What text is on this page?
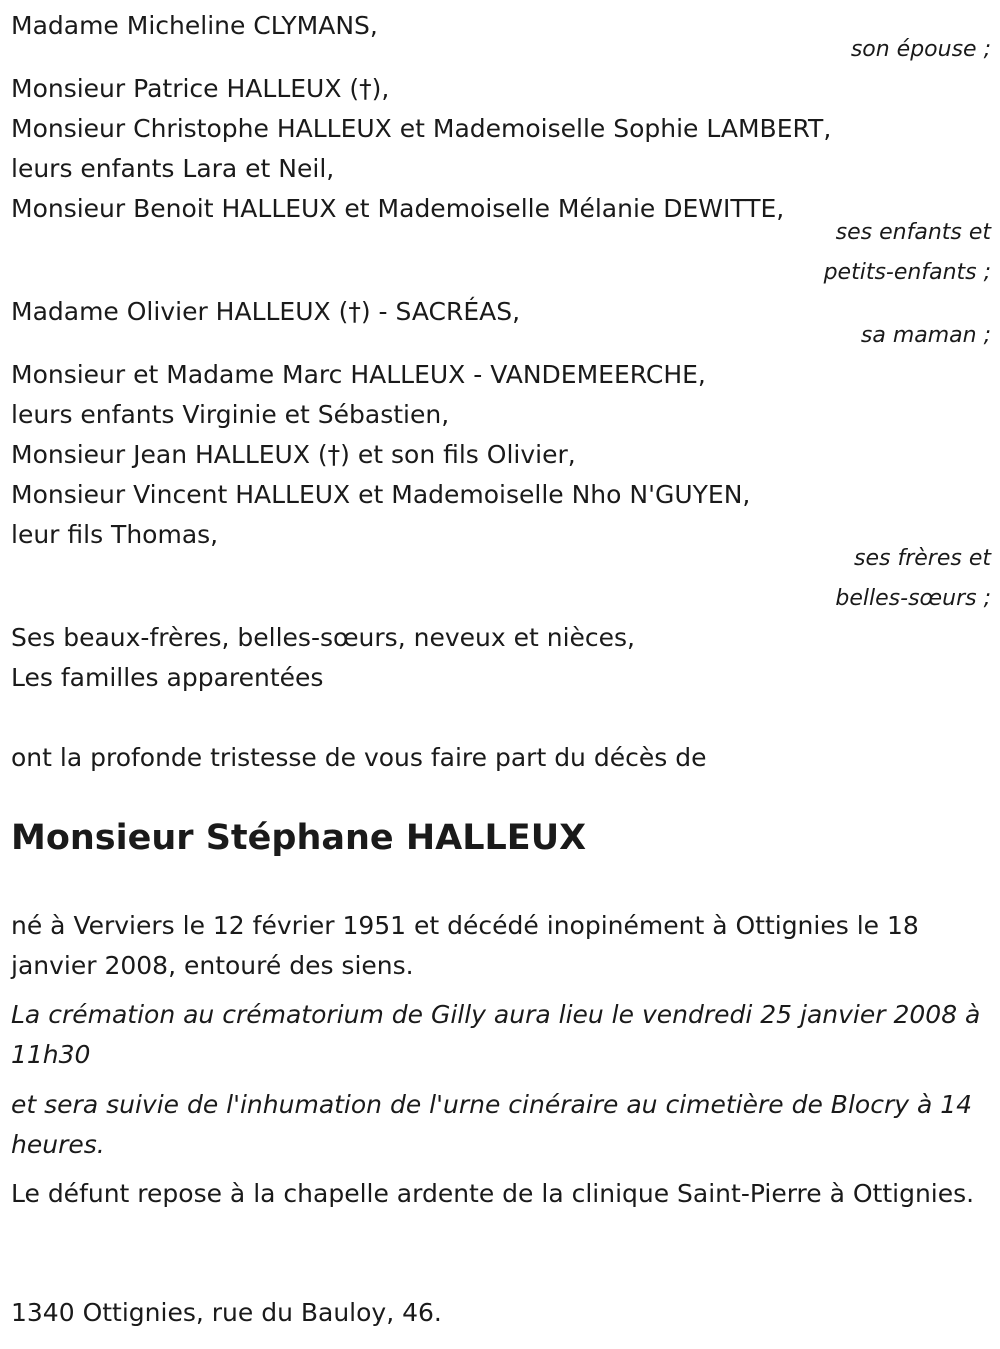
Madame Micheline CLYMANS,
son épouse ;
Monsieur Patrice HALLEUX (†),
Monsieur Christophe HALLEUX et Mademoiselle Sophie LAMBERT,
leurs enfants Lara et Neil,
Monsieur Benoit HALLEUX et Mademoiselle Mélanie DEWITTE,
ses enfants et
petits-enfants ;
Madame Olivier HALLEUX (†) - SACRÉAS,
sa maman ;
Monsieur et Madame Marc HALLEUX - VANDEMEERCHE,
leurs enfants Virginie et Sébastien,
Monsieur Jean HALLEUX (†) et son fils Olivier,
Monsieur Vincent HALLEUX et Mademoiselle Nho N'GUYEN,
leur fils Thomas,
ses frères et
belles-sœurs ;
Ses beaux-frères, belles-sœurs, neveux et nièces,
Les familles apparentées
ont la profonde tristesse de vous faire part du décès de
Monsieur Stéphane HALLEUX
né à Verviers le 12 février 1951 et décédé inopinément à Ottignies le 18 janvier 2008, entouré des siens.
La crémation au crématorium de Gilly aura lieu le vendredi 25 janvier 2008 à 11h30
et sera suivie de l'inhumation de l'urne cinéraire au cimetière de Blocry à 14 heures.
Le défunt repose à la chapelle ardente de la clinique Saint-Pierre à Ottignies.
1340 Ottignies, rue du Bauloy, 46.
